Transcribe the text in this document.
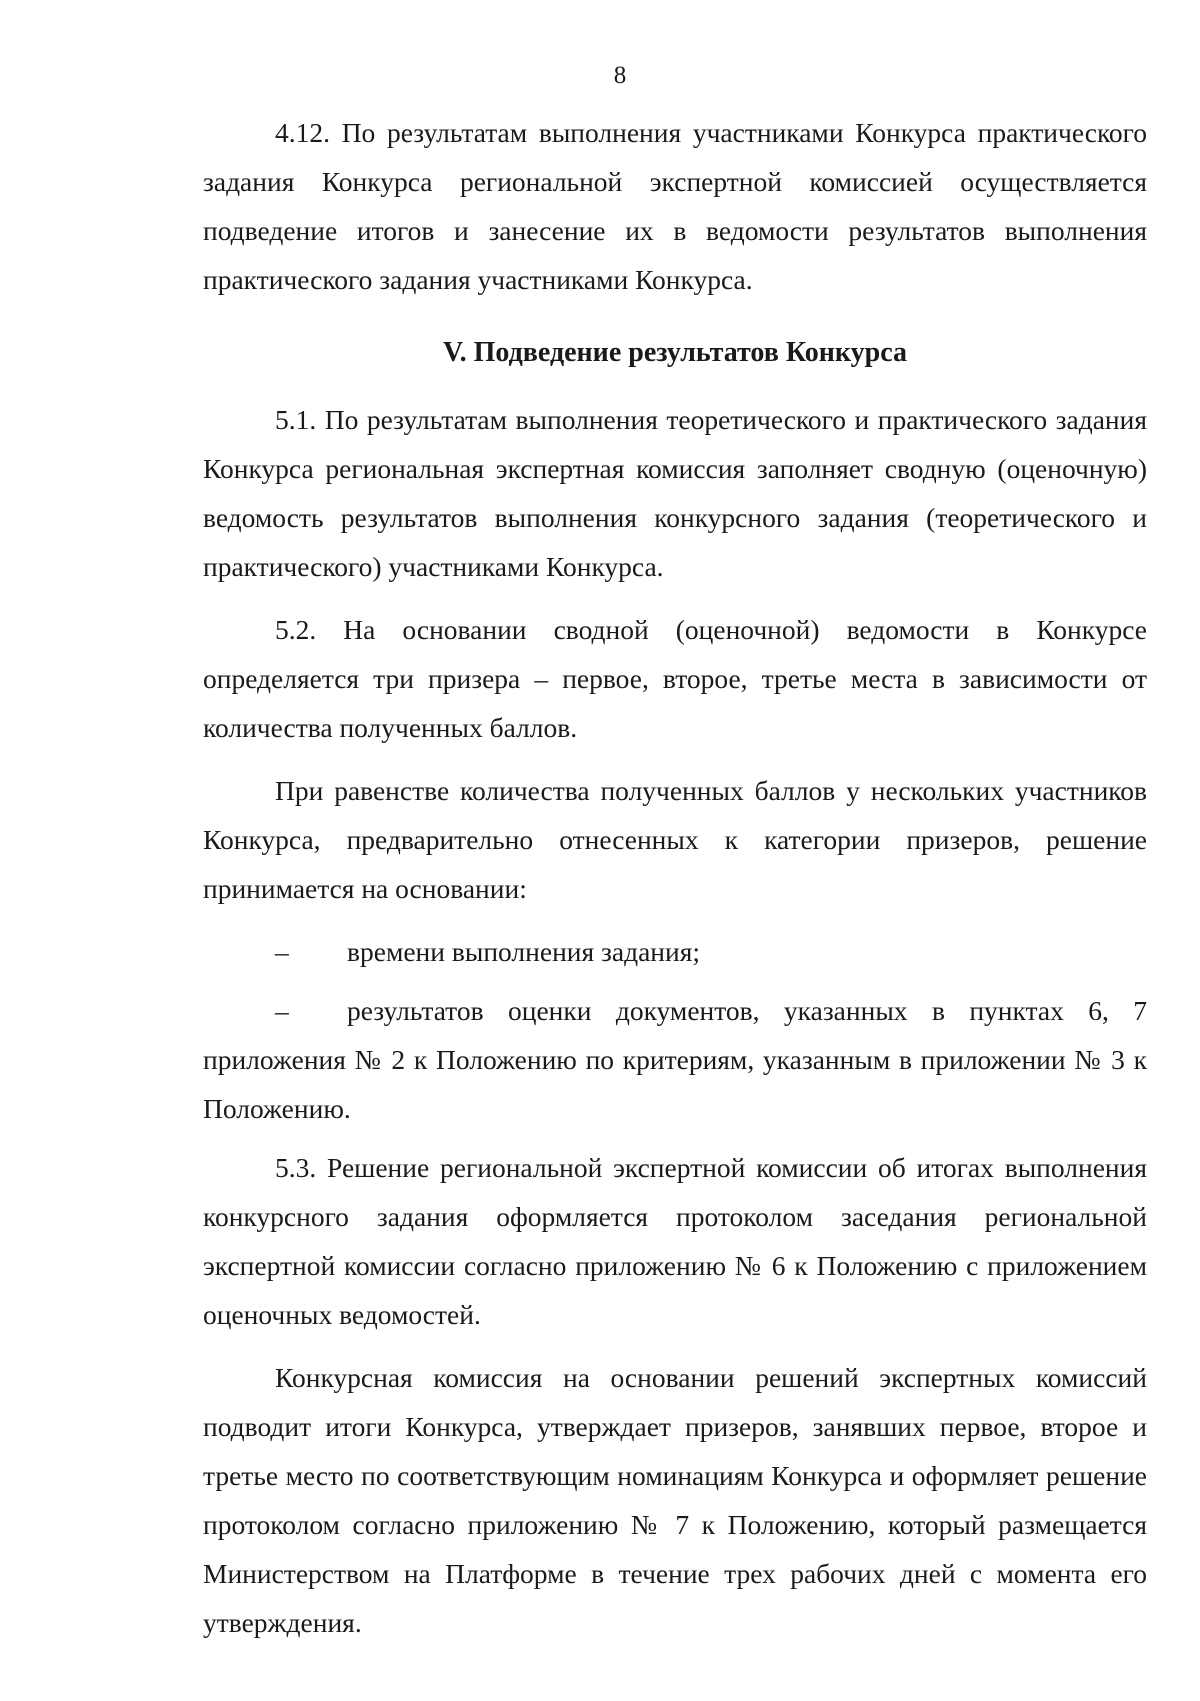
8

4.12. По результатам выполнения участниками Конкурса практического задания Конкурса региональной экспертной комиссией осуществляется подведение итогов и занесение их в ведомости результатов выполнения практического задания участниками Конкурса.

V. Подведение результатов Конкурса

5.1. По результатам выполнения теоретического и практического задания Конкурса региональная экспертная комиссия заполняет сводную (оценочную) ведомость результатов выполнения конкурсного задания (теоретического и практического) участниками Конкурса.

5.2. На основании сводной (оценочной) ведомости в Конкурсе определяется три призера – первое, второе, третье места в зависимости от количества полученных баллов.

При равенстве количества полученных баллов у нескольких участников Конкурса, предварительно отнесенных к категории призеров, решение принимается на основании:

–	времени выполнения задания;

– результатов оценки документов, указанных в пунктах 6, 7 приложения № 2 к Положению по критериям, указанным в приложении № 3 к Положению.

5.3. Решение региональной экспертной комиссии об итогах выполнения конкурсного задания оформляется протоколом заседания региональной экспертной комиссии согласно приложению № 6 к Положению с приложением оценочных ведомостей.

Конкурсная комиссия на основании решений экспертных комиссий подводит итоги Конкурса, утверждает призеров, занявших первое, второе и третье место по соответствующим номинациям Конкурса и оформляет решение протоколом согласно приложению № 7 к Положению, который размещается Министерством на Платформе в течение трех рабочих дней с момента его утверждения.
